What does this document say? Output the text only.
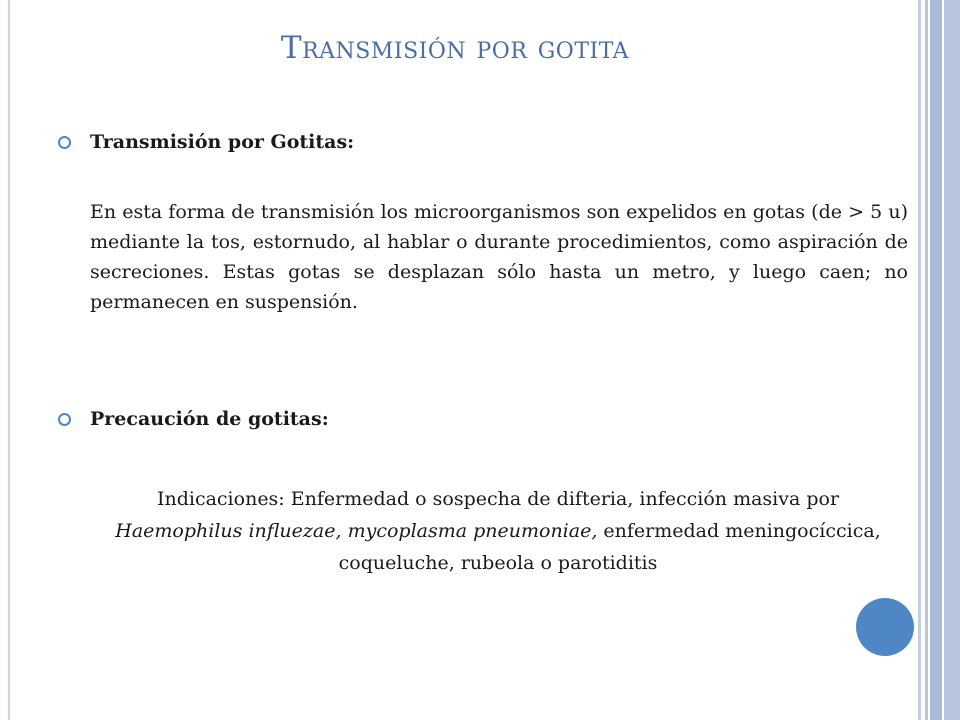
Transmisión por gotita
Transmisión por Gotitas:

En esta forma de transmisión los microorganismos son expelidos en gotas (de > 5 u) mediante la tos, estornudo, al hablar o durante procedimientos, como aspiración de secreciones. Estas gotas se desplazan sólo hasta un metro, y luego caen; no permanecen en suspensión.

Precaución de gotitas:

Indicaciones: Enfermedad o sospecha de difteria, infección masiva por Haemophilus influezae, mycoplasma pneumoniae, enfermedad meningocíccica, coqueluche, rubeola o parotiditis
